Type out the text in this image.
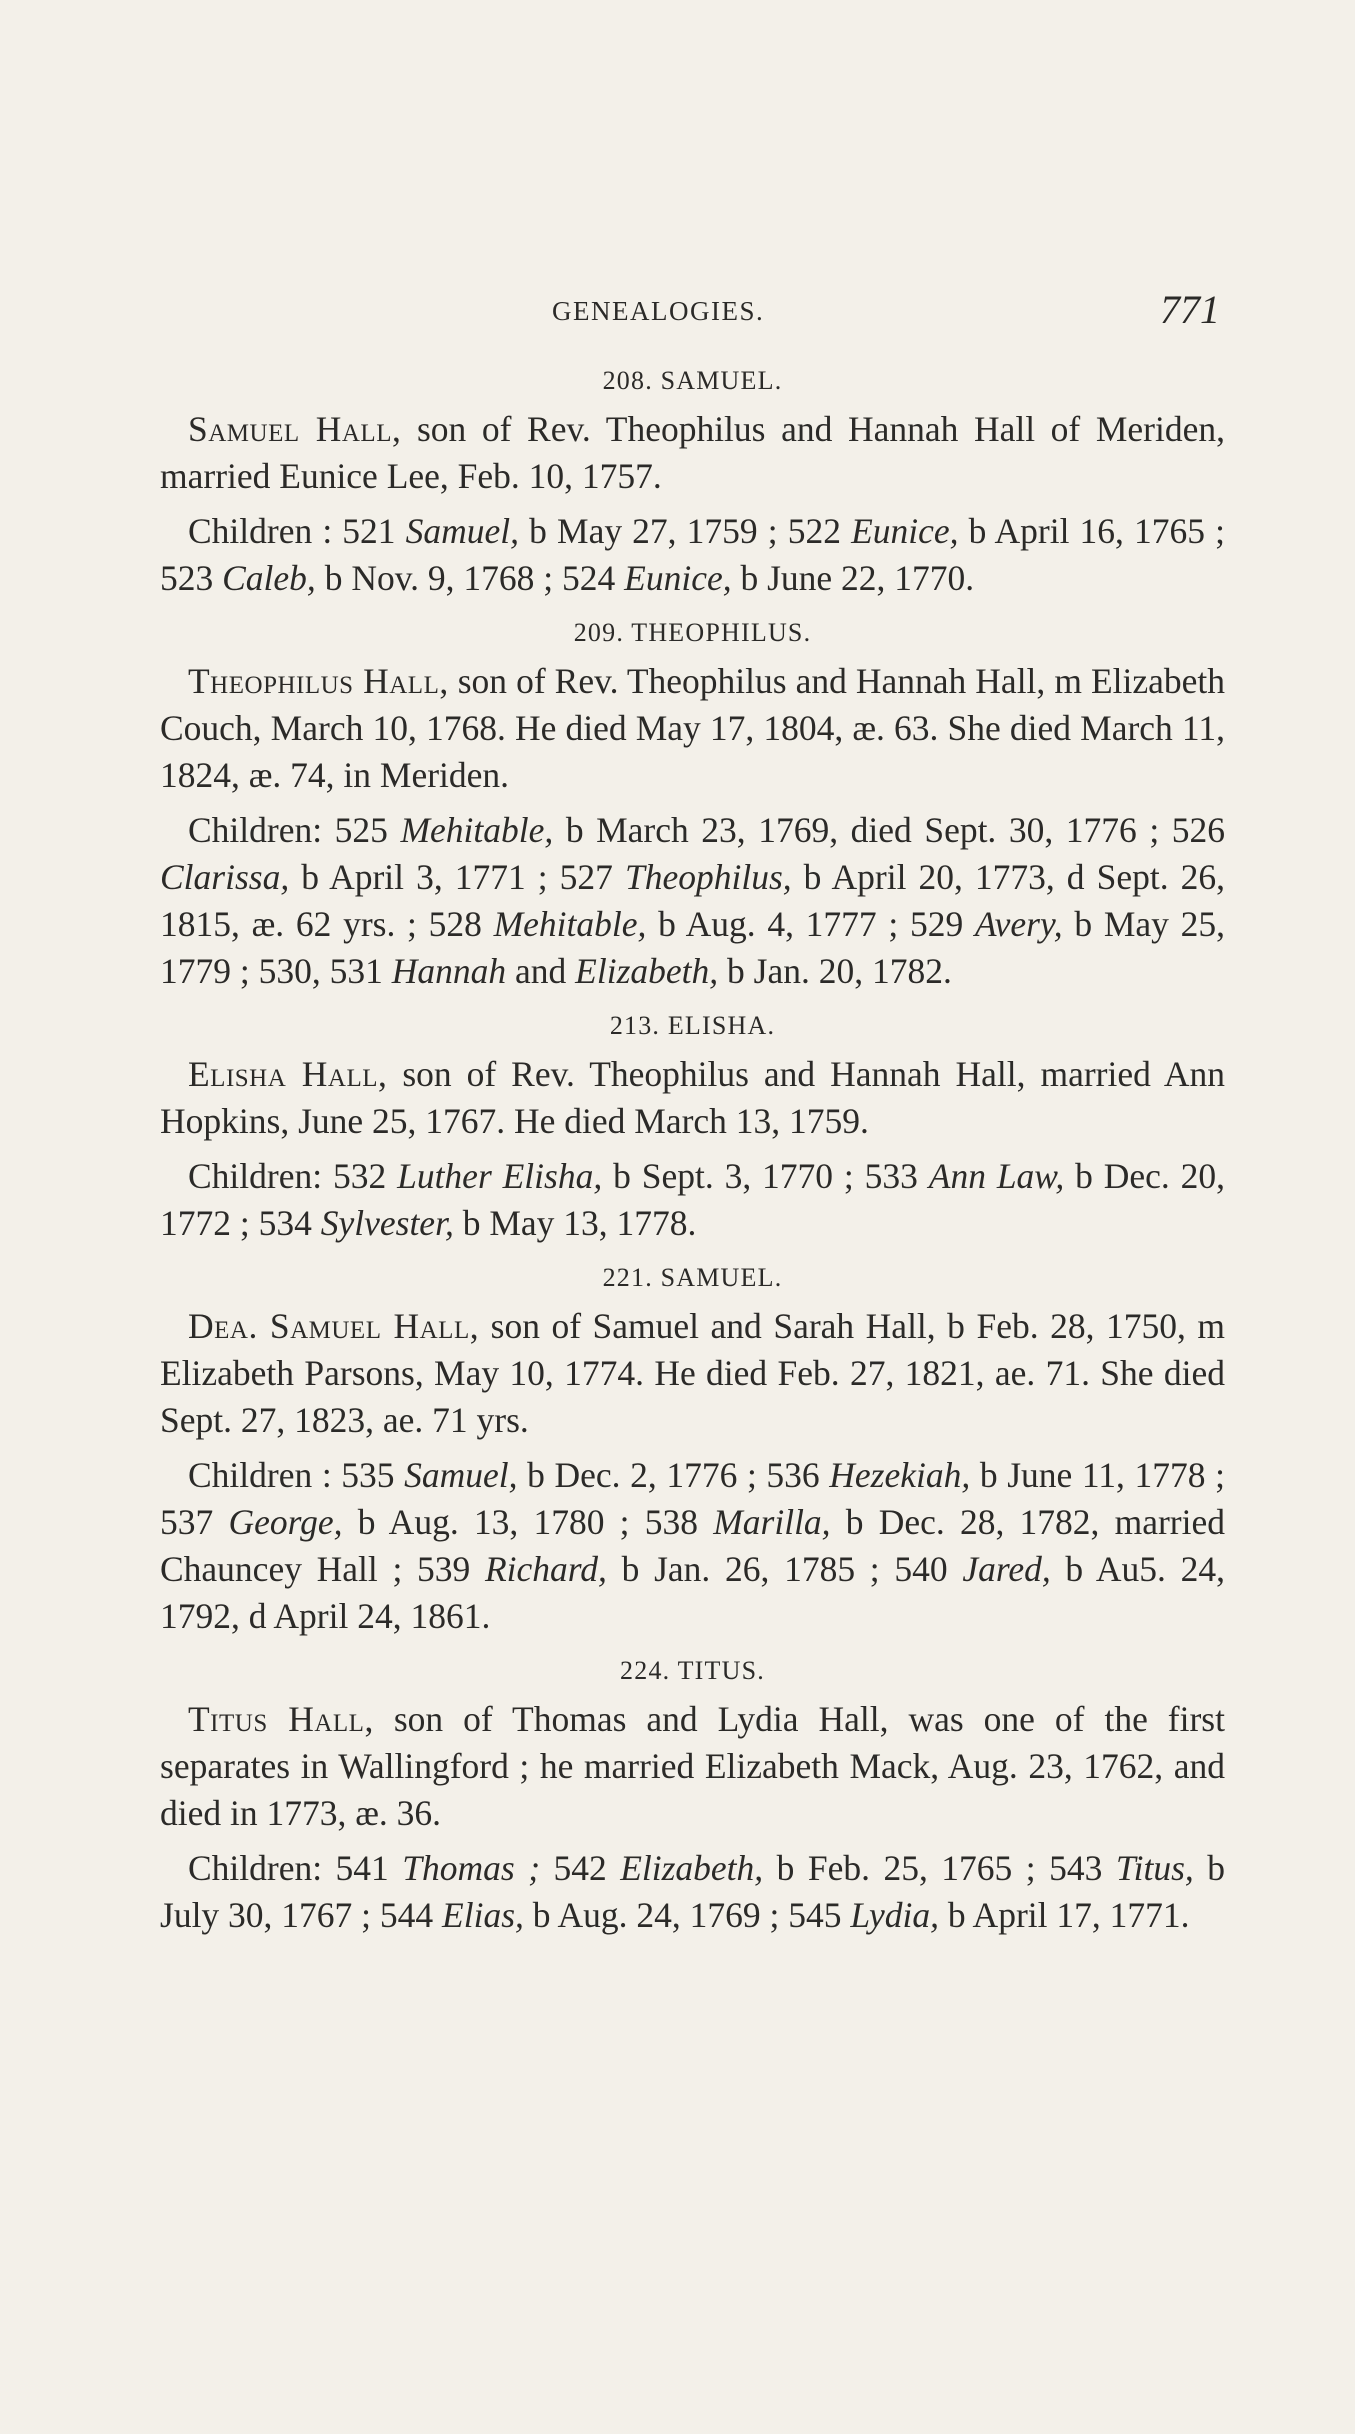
GENEALOGIES.	771
208. SAMUEL.

Samuel Hall, son of Rev. Theophilus and Hannah Hall of Meriden, married Eunice Lee, Feb. 10, 1757.

Children : 521 Samuel, b May 27, 1759 ; 522 Eunice, b April 16, 1765 ; 523 Caleb, b Nov. 9, 1768 ; 524 Eunice, b June 22, 1770.

209. THEOPHILUS.

Theophilus Hall, son of Rev. Theophilus and Hannah Hall, m Elizabeth Couch, March 10, 1768. He died May 17, 1804, æ. 63. She died March 11, 1824, æ. 74, in Meriden.

Children: 525 Mehitable, b March 23, 1769, died Sept. 30, 1776 ; 526 Clarissa, b April 3, 1771 ; 527 Theophilus, b April 20, 1773, d Sept. 26, 1815, æ. 62 yrs. ; 528 Mehitable, b Aug. 4, 1777 ; 529 Avery, b May 25, 1779 ; 530, 531 Hannah and Elizabeth, b Jan. 20, 1782.

213. ELISHA.

Elisha Hall, son of Rev. Theophilus and Hannah Hall, married Ann Hopkins, June 25, 1767. He died March 13, 1759.

Children: 532 Luther Elisha, b Sept. 3, 1770 ; 533 Ann Law, b Dec. 20, 1772 ; 534 Sylvester, b May 13, 1778.

221. SAMUEL.

Dea. Samuel Hall, son of Samuel and Sarah Hall, b Feb. 28, 1750, m Elizabeth Parsons, May 10, 1774. He died Feb. 27, 1821, ae. 71. She died Sept. 27, 1823, ae. 71 yrs.

Children : 535 Samuel, b Dec. 2, 1776 ; 536 Hezekiah, b June 11, 1778 ; 537 George, b Aug. 13, 1780 ; 538 Marilla, b Dec. 28, 1782, married Chauncey Hall ; 539 Richard, b Jan. 26, 1785 ; 540 Jared, b Au5. 24, 1792, d April 24, 1861.

224. TITUS.

Titus Hall, son of Thomas and Lydia Hall, was one of the first separates in Wallingford ; he married Elizabeth Mack, Aug. 23, 1762, and died in 1773, æ. 36.

Children: 541 Thomas ; 542 Elizabeth, b Feb. 25, 1765 ; 543 Titus, b July 30, 1767 ; 544 Elias, b Aug. 24, 1769 ; 545 Lydia, b April 17, 1771.
